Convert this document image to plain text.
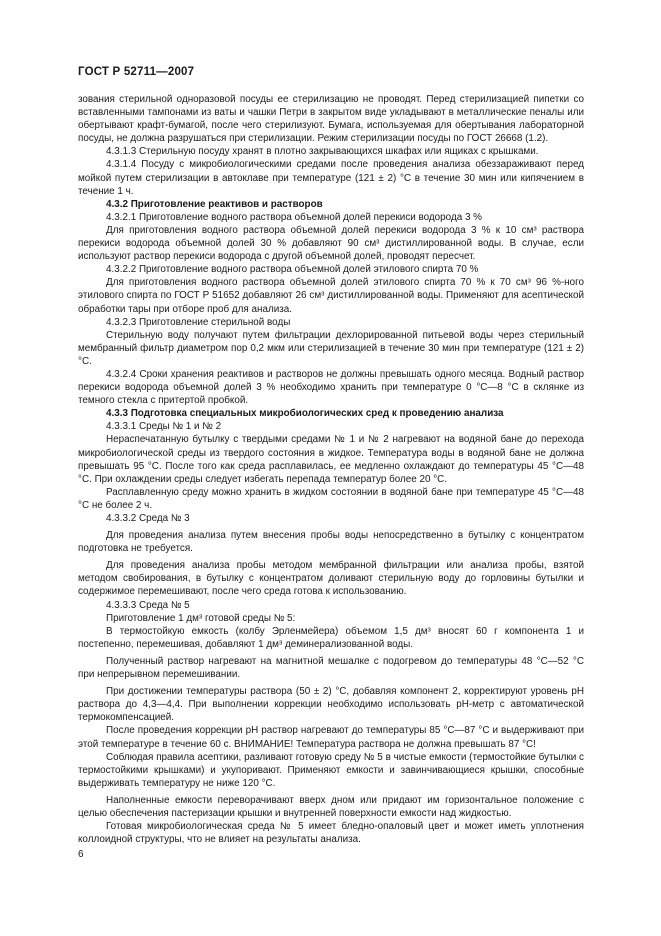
ГОСТ Р 52711—2007

зования стерильной одноразовой посуды ее стерилизацию не проводят. Перед стерилизацией пипетки со вставленными тампонами из ваты и чашки Петри в закрытом виде укладывают в металлические пеналы или обертывают крафт-бумагой, после чего стерилизуют. Бумага, используемая для обертывания лабораторной посуды, не должна разрушаться при стерилизации. Режим стерилизации посуды по ГОСТ 26668 (1.2).

4.3.1.3 Стерильную посуду хранят в плотно закрывающихся шкафах или ящиках с крышками.

4.3.1.4 Посуду с микробиологическими средами после проведения анализа обеззараживают перед мойкой путем стерилизации в автоклаве при температуре (121 ± 2) °С в течение 30 мин или кипячением в течение 1 ч.

4.3.2 Приготовление реактивов и растворов

4.3.2.1 Приготовление водного раствора объемной долей перекиси водорода 3 %

Для приготовления водного раствора объемной долей перекиси водорода 3 % к 10 см³ раствора перекиси водорода объемной долей 30 % добавляют 90 см³ дистиллированной воды. В случае, если используют раствор перекиси водорода с другой объемной долей, проводят пересчет.

4.3.2.2 Приготовление водного раствора объемной долей этилового спирта 70 %

Для приготовления водного раствора объемной долей этилового спирта 70 % к 70 см³ 96 %-ного этилового спирта по ГОСТ Р 51652 добавляют 26 см³ дистиллированной воды. Применяют для асептической обработки тары при отборе проб для анализа.

4.3.2.3 Приготовление стерильной воды

Стерильную воду получают путем фильтрации дехлорированной питьевой воды через стерильный мембранный фильтр диаметром пор 0,2 мкм или стерилизацией в течение 30 мин при температуре (121 ± 2) °С.

4.3.2.4 Сроки хранения реактивов и растворов не должны превышать одного месяца. Водный раствор перекиси водорода объемной долей 3 % необходимо хранить при температуре 0 °С—8 °С в склянке из темного стекла с притертой пробкой.

4.3.3 Подготовка специальных микробиологических сред к проведению анализа

4.3.3.1 Среды № 1 и № 2

Нераспечатанную бутылку с твердыми средами № 1 и № 2 нагревают на водяной бане до перехода микробиологической среды из твердого состояния в жидкое. Температура воды в водяной бане не должна превышать 95 °С. После того как среда расплавилась, ее медленно охлаждают до температуры 45 °С—48 °С. При охлаждении среды следует избегать перепада температур более 20 °С.

Расплавленную среду можно хранить в жидком состоянии в водяной бане при температуре 45 °С—48 °С не более 2 ч.

4.3.3.2 Среда № 3

Для проведения анализа путем внесения пробы воды непосредственно в бутылку с концентратом подготовка не требуется.

Для проведения анализа пробы методом мембранной фильтрации или анализа пробы, взятой методом свобирования, в бутылку с концентратом доливают стерильную воду до горловины бутылки и содержимое перемешивают, после чего среда готова к использованию.

4.3.3.3 Среда № 5

Приготовление 1 дм³ готовой среды № 5:

В термостойкую емкость (колбу Эрленмейера) объемом 1,5 дм³ вносят 60 г компонента 1 и постепенно, перемешивая, добавляют 1 дм³ деминерализованной воды.

Полученный раствор нагревают на магнитной мешалке с подогревом до температуры 48 °С—52 °С при непрерывном перемешивании.

При достижении температуры раствора (50 ± 2) °С, добавляя компонент 2, корректируют уровень pH раствора до 4,3—4,4. При выполнении коррекции необходимо использовать pH-метр с автоматической термокомпенсацией.

После проведения коррекции pH раствор нагревают до температуры 85 °С—87 °С и выдерживают при этой температуре в течение 60 с. ВНИМАНИЕ! Температура раствора не должна превышать 87 °С!

Соблюдая правила асептики, разливают готовую среду № 5 в чистые емкости (термостойкие бутылки с термостойкими крышками) и укупоривают. Применяют емкости и завинчивающиеся крышки, способные выдерживать температуру не ниже 120 °С.

Наполненные емкости переворачивают вверх дном или придают им горизонтальное положение с целью обеспечения пастеризации крышки и внутренней поверхности емкости над жидкостью.

Готовая микробиологическая среда № 5 имеет бледно-опаловый цвет и может иметь уплотнения коллоидной структуры, что не влияет на результаты анализа.

6
